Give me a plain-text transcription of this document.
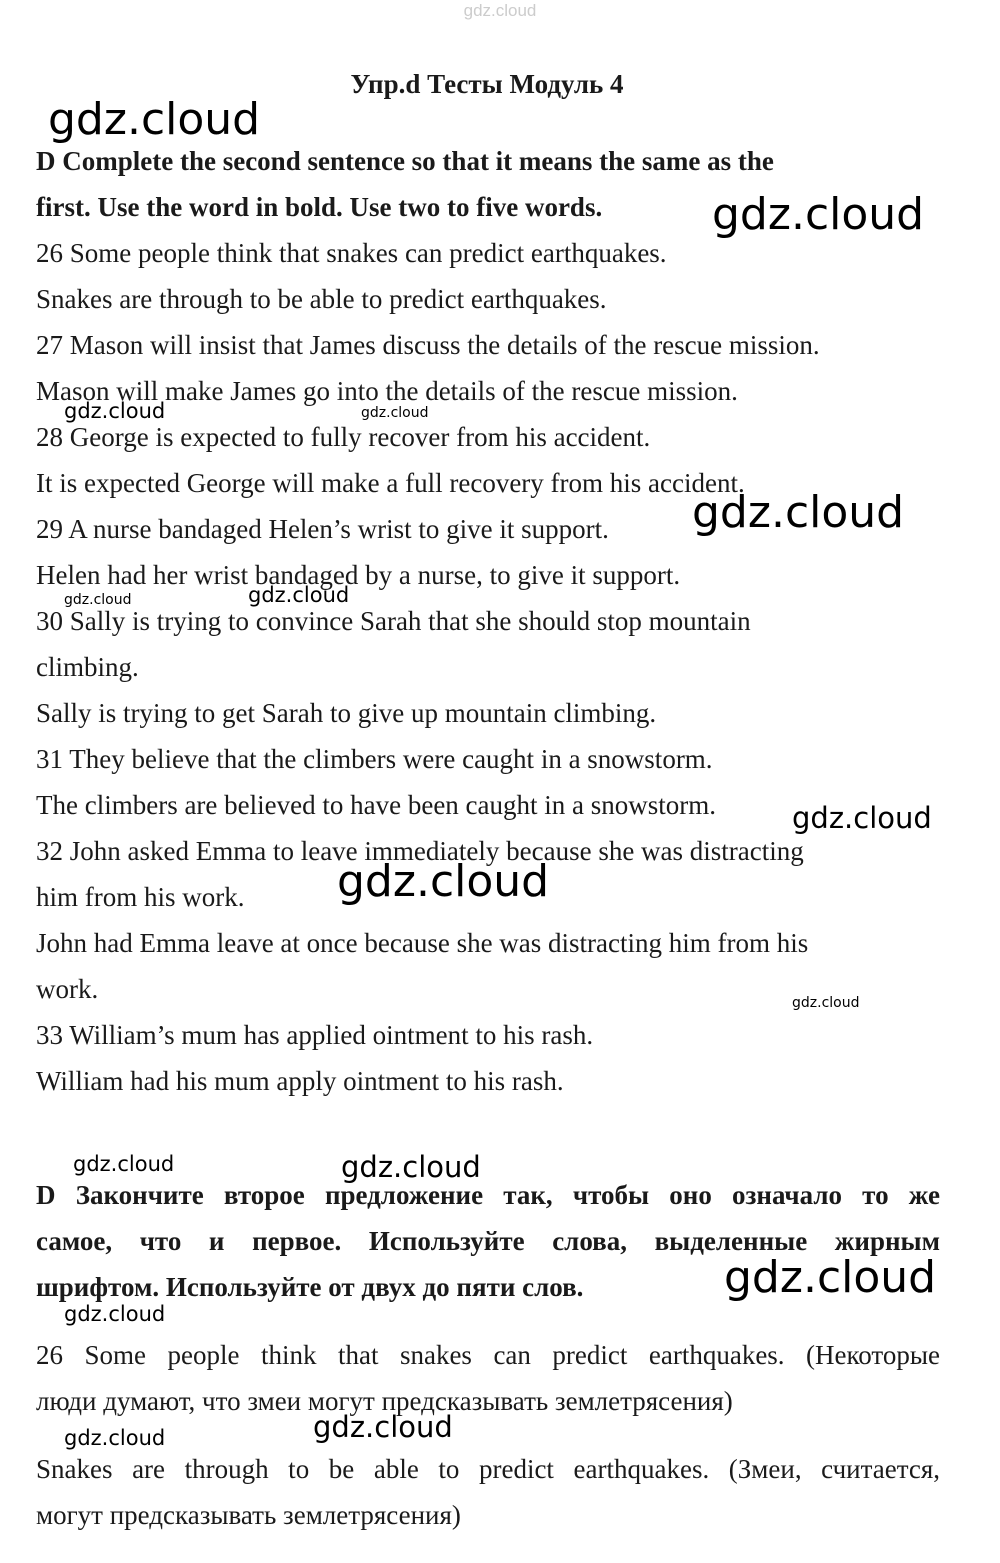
gdz.cloud
Упр.d Тесты Модуль 4
D Complete the second sentence so that it means the same as the
first. Use the word in bold. Use two to five words.
26 Some people think that snakes can predict earthquakes.
Snakes are through to be able to predict earthquakes.
27 Mason will insist that James discuss the details of the rescue mission.
Mason will make James go into the details of the rescue mission.
28 George is expected to fully recover from his accident.
It is expected George will make a full recovery from his accident.
29 A nurse bandaged Helen’s wrist to give it support.
Helen had her wrist bandaged by a nurse, to give it support.
30 Sally is trying to convince Sarah that she should stop mountain
climbing.
Sally is trying to get Sarah to give up mountain climbing.
31 They believe that the climbers were caught in a snowstorm.
The climbers are believed to have been caught in a snowstorm.
32 John asked Emma to leave immediately because she was distracting
him from his work.
John had Emma leave at once because she was distracting him from his
work.
33 William’s mum has applied ointment to his rash.
William had his mum apply ointment to his rash.
D Закончите второе предложение так, чтобы оно означало то же
самое, что и первое. Используйте слова, выделенные жирным
шрифтом. Используйте от двух до пяти слов.
26 Some people think that snakes can predict earthquakes. (Некоторые
люди думают, что змеи могут предсказывать землетрясения)
Snakes are through to be able to predict earthquakes. (Змеи, считается,
могут предсказывать землетрясения)
gdz.cloud
gdz.cloud
gdz.cloud	gdz.cloud
gdz.cloud
gdz.cloud	gdz.cloud
gdz.cloud
gdz.cloud
gdz.cloud
gdz.cloud	gdz.cloud
gdz.cloud
gdz.cloud
gdz.cloud
gdz.cloud
